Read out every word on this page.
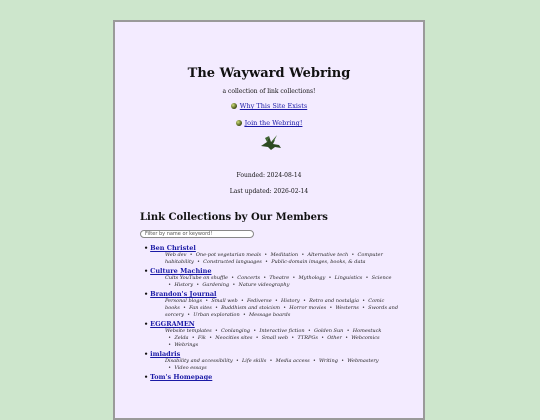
The Wayward Webring
a collection of link collections!
Why This Site Exists
Join the Webring!
Founded: 2024-08-14
Last updated: 2026-02-14
Link Collections by Our Members
Filter by name or keyword!
• Ben Christel
Web dev • One-pot vegetarian meals • Meditation • Alternative tech • Computer habitability • Constructed languages • Public-domain images, books, & data
• Culture Machine
Cults YouTube on shuffle • Concerts • Theatre • Mythology • Linguistics • Science • History • Gardening • Nature videography
• Brandon's Journal
Personal blogs • Small web • Fediverse • History • Retro and nostalgia • Comic books • Fan sites • Buddhism and stoicism • Horror movies • Westerns • Swords and sorcery • Urban exploration • Message boards
• EGGRAMEN
Website templates • Conlanging • Interactive fiction • Golden Sun • Homestuck • Zelda • Fik • Neocities sites • Small web • TTRPGs • Other • Webcomics • Webrings
• imladris
Disability and accessibility • Life skills • Media access • Writing • Webmastery • Video essays
• Tom's Homepage
